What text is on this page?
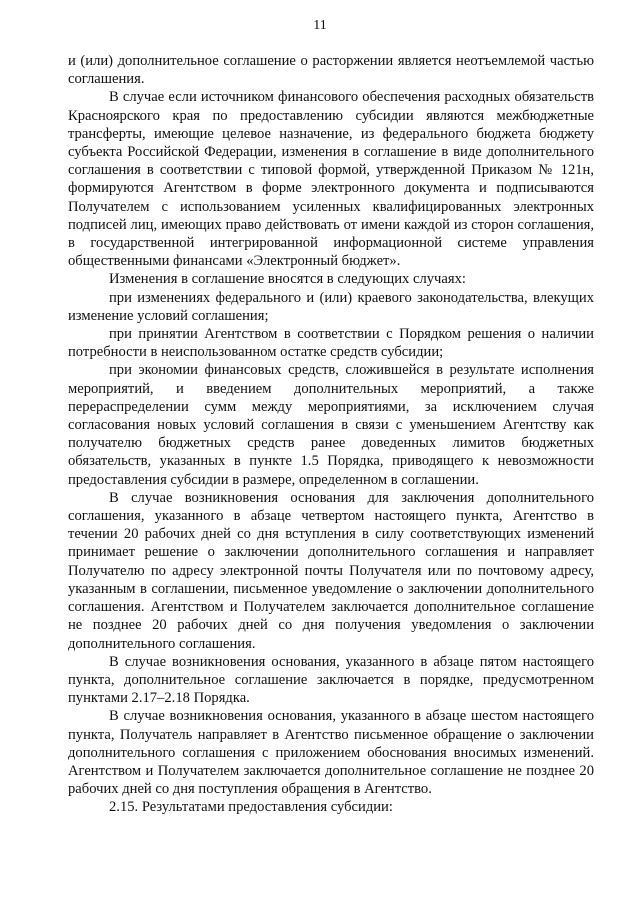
11

и (или) дополнительное соглашение о расторжении является неотъемлемой частью соглашения.

В случае если источником финансового обеспечения расходных обязательств Красноярского края по предоставлению субсидии являются межбюджетные трансферты, имеющие целевое назначение, из федерального бюджета бюджету субъекта Российской Федерации, изменения в соглашение в виде дополнительного соглашения в соответствии с типовой формой, утвержденной Приказом № 121н, формируются Агентством в форме электронного документа и подписываются Получателем с использованием усиленных квалифицированных электронных подписей лиц, имеющих право действовать от имени каждой из сторон соглашения, в государственной интегрированной информационной системе управления общественными финансами «Электронный бюджет».

Изменения в соглашение вносятся в следующих случаях:

при изменениях федерального и (или) краевого законодательства, влекущих изменение условий соглашения;

при принятии Агентством в соответствии с Порядком решения о наличии потребности в неиспользованном остатке средств субсидии;

при экономии финансовых средств, сложившейся в результате исполнения мероприятий, и введением дополнительных мероприятий, а также перераспределении сумм между мероприятиями, за исключением случая согласования новых условий соглашения в связи с уменьшением Агентству как получателю бюджетных средств ранее доведенных лимитов бюджетных обязательств, указанных в пункте 1.5 Порядка, приводящего к невозможности предоставления субсидии в размере, определенном в соглашении.

В случае возникновения основания для заключения дополнительного соглашения, указанного в абзаце четвертом настоящего пункта, Агентство в течении 20 рабочих дней со дня вступления в силу соответствующих изменений принимает решение о заключении дополнительного соглашения и направляет Получателю по адресу электронной почты Получателя или по почтовому адресу, указанным в соглашении, письменное уведомление о заключении дополнительного соглашения. Агентством и Получателем заключается дополнительное соглашение не позднее 20 рабочих дней со дня получения уведомления о заключении дополнительного соглашения.

В случае возникновения основания, указанного в абзаце пятом настоящего пункта, дополнительное соглашение заключается в порядке, предусмотренном пунктами 2.17–2.18 Порядка.

В случае возникновения основания, указанного в абзаце шестом настоящего пункта, Получатель направляет в Агентство письменное обращение о заключении дополнительного соглашения с приложением обоснования вносимых изменений. Агентством и Получателем заключается дополнительное соглашение не позднее 20 рабочих дней со дня поступления обращения в Агентство.

2.15. Результатами предоставления субсидии:
